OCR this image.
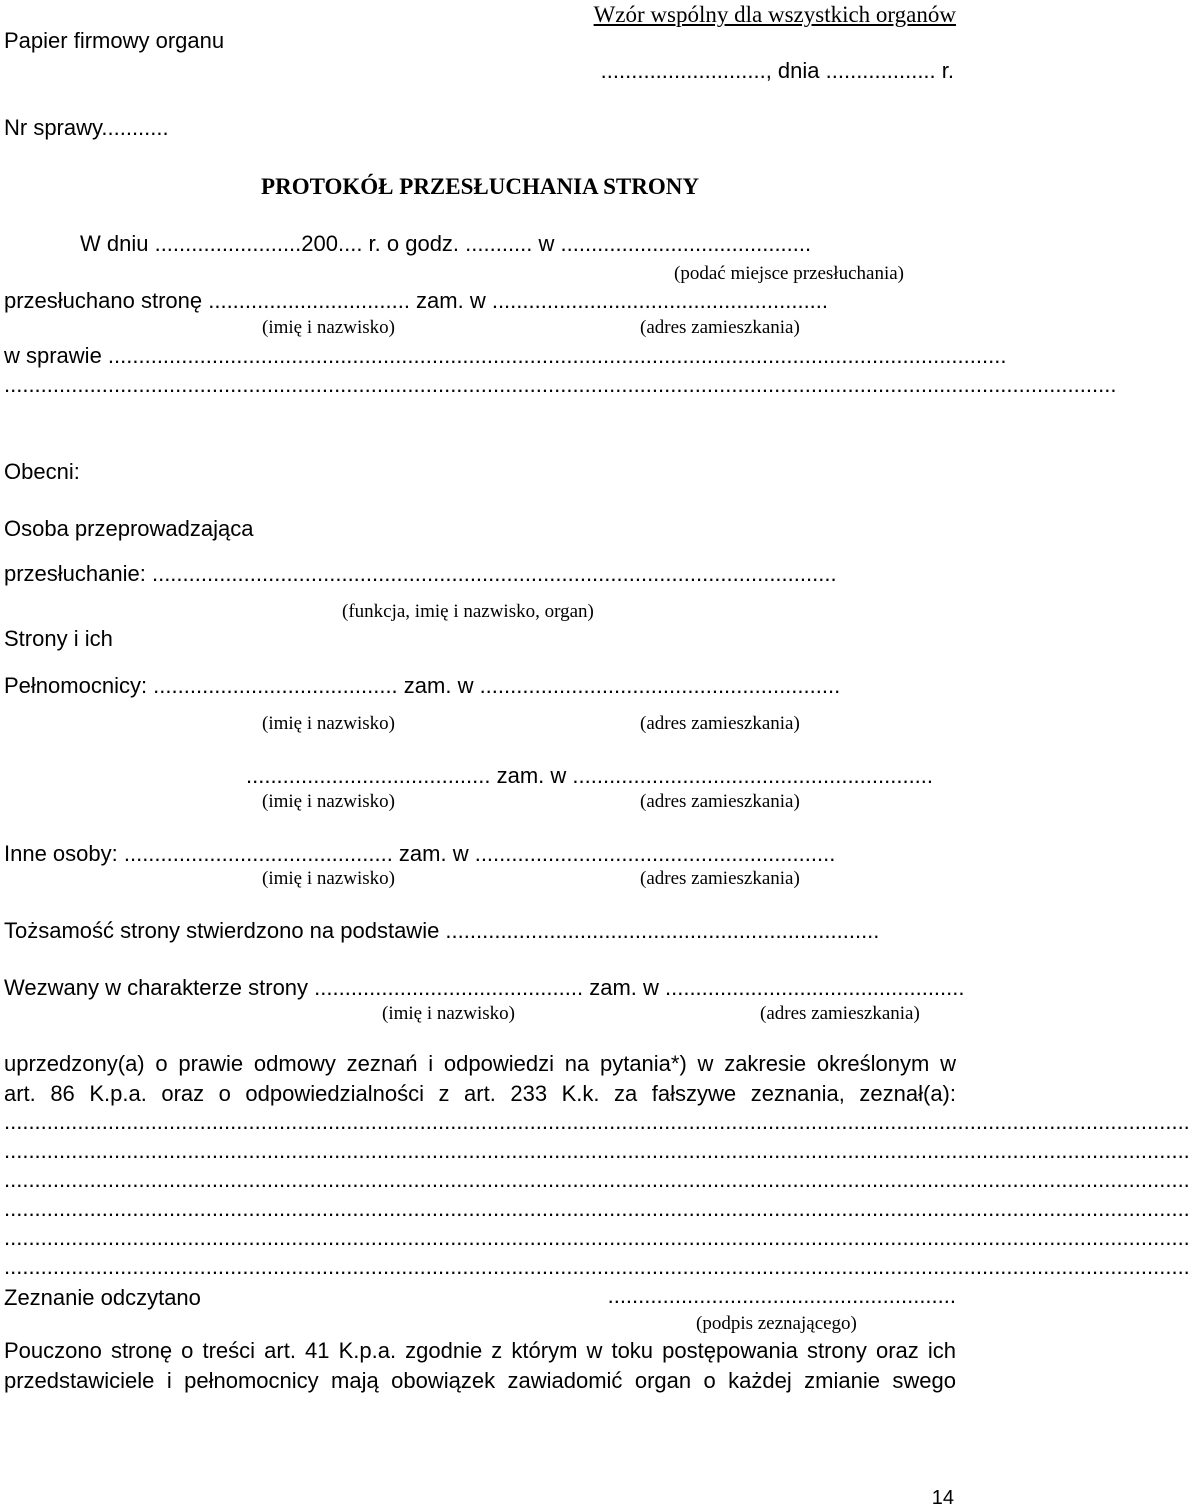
Papier firmowy organu
Wzór wspólny dla wszystkich organów
..........................., dnia .................. r.
Nr sprawy...........
PROTOKÓŁ PRZESŁUCHANIA STRONY
W dniu ........................200.... r. o godz. ........... w .........................................
(podać miejsce przesłuchania)
przesłuchano stronę ................................. zam. w .......................................................
(imię i nazwisko)	(adres zamieszkania)
w sprawie ...................................................................................................................................................
......................................................................................................................................................................................
Obecni:
Osoba przeprowadzająca
przesłuchanie: ................................................................................................................
(funkcja, imię i nazwisko, organ)
Strony i ich
Pełnomocnicy: ........................................ zam. w ...........................................................
(imię i nazwisko)	(adres zamieszkania)
........................................ zam. w ...........................................................
(imię i nazwisko)	(adres zamieszkania)
Inne osoby: ............................................ zam. w ...........................................................
(imię i nazwisko)	(adres zamieszkania)
Tożsamość strony stwierdzono na podstawie .......................................................................
Wezwany w charakterze strony ............................................ zam. w .................................................
(imię i nazwisko)	(adres zamieszkania)
uprzedzony(a) o prawie odmowy zeznań i odpowiedzi na pytania*) w zakresie określonym w
art. 86 K.p.a. oraz o odpowiedzialności z art. 233 K.k. za fałszywe zeznania, zeznał(a):
..................................................................................................................................................................................................
..................................................................................................................................................................................................
..................................................................................................................................................................................................
..................................................................................................................................................................................................
..................................................................................................................................................................................................
..................................................................................................................................................................................................
Zeznanie odczytano	.........................................................
(podpis zeznającego)
Pouczono stronę o treści art. 41 K.p.a. zgodnie z którym w toku postępowania strony oraz ich
przedstawiciele i pełnomocnicy mają obowiązek zawiadomić organ o każdej zmianie swego
14
